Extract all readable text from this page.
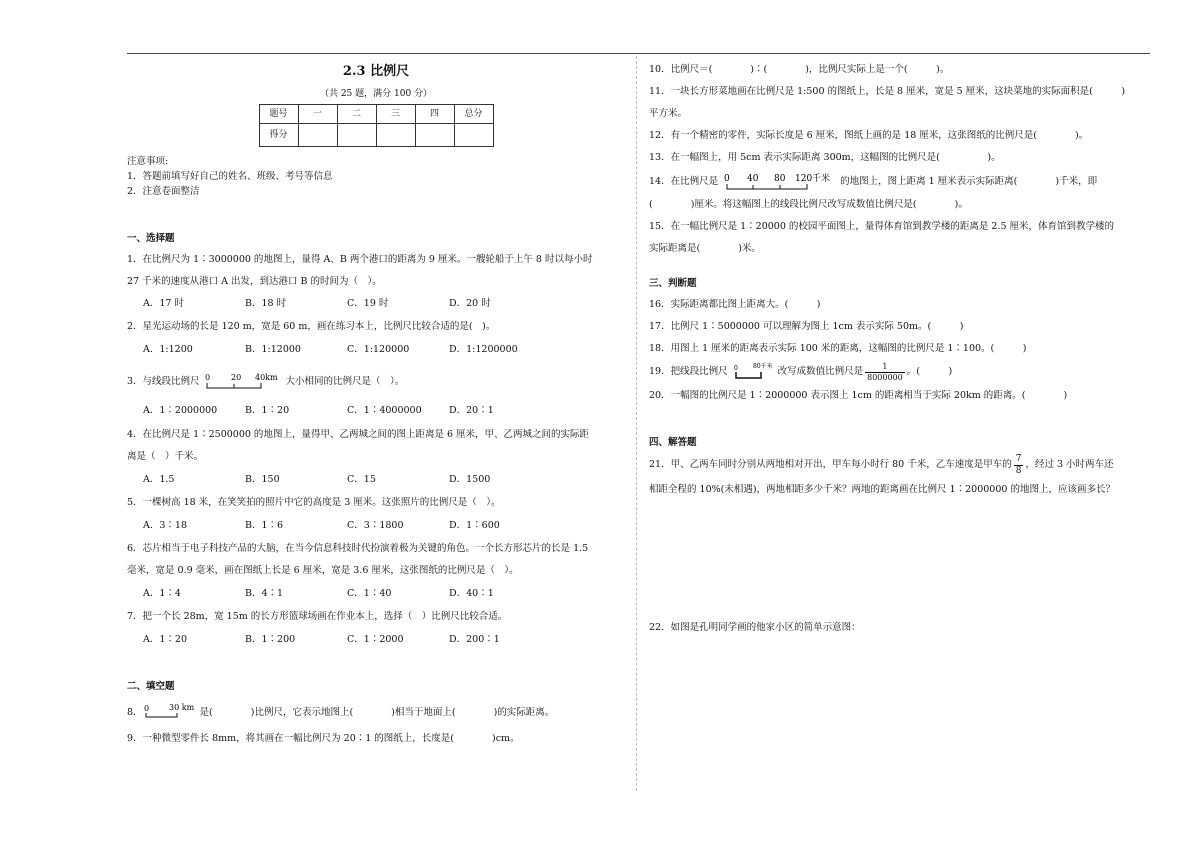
2.3 比例尺
（共 25 题，满分 100 分）
题号	一	二	三	四	总分
得分					
注意事项:
1．答题前填写好自己的姓名、班级、考号等信息
2．注意卷面整洁
一、选择题
1．在比例尺为 1∶3000000 的地图上，量得 A、B 两个港口的距离为 9 厘米。一艘轮船于上午 8 时以每小时
27 千米的速度从港口 A 出发，到达港口 B 的时间为（　）。
A．17 时	B．18 时	C．19 时	D．20 时
2．星光运动场的长是 120 m，宽是 60 m，画在练习本上，比例尺比较合适的是(　)。
A．1:1200	B．1:12000	C．1:120000	D．1:1200000
3．与线段比例尺 0	20 40km 大小相同的比例尺是（　）。
A．1∶2000000	B．1∶20	C．1∶4000000	D．20∶1
4．在比例尺是 1∶2500000 的地图上，量得甲、乙两城之间的图上距离是 6 厘米，甲、乙两城之间的实际距
离是（　）千米。
A．1.5	B．150	C．15	D．1500
5．一棵树高 18 米，在笑笑拍的照片中它的高度是 3 厘米。这张照片的比例尺是（　）。
A．3∶18	B．1∶6	C．3∶1800	D．1∶600
6．芯片相当于电子科技产品的大脑，在当今信息科技时代扮演着极为关键的角色。一个长方形芯片的长是 1.5
毫米，宽是 0.9 毫米，画在图纸上长是 6 厘米，宽是 3.6 厘米，这张图纸的比例尺是（　）。
A．1∶4	B．4∶1	C．1∶40	D．40∶1
7．把一个长 28m，宽 15m 的长方形篮球场画在作业本上，选择（　）比例尺比较合适。
A．1∶20	B．1∶200	C．1∶2000	D．200∶1
二、填空题
8． 0 30 km 是(　　　　)比例尺，它表示地图上(　　　　)相当于地面上(　　　　)的实际距离。
9．一种微型零件长 8mm，将其画在一幅比例尺为 20∶1 的图纸上，长度是(　　　　)cm。
10．比例尺＝(　　　　)∶(　　　　)，比例尺实际上是一个(　　　)。
11．一块长方形菜地画在比例尺是 1:500 的图纸上，长是 8 厘米，宽是 5 厘米，这块菜地的实际面积是(　　　)
平方米。
12．有一个精密的零件，实际长度是 6 厘米，图纸上画的是 18 厘米，这张图纸的比例尺是(　　　　)。
13．在一幅图上，用 5cm 表示实际距离 300m，这幅图的比例尺是(　　　　　)。
14．在比例尺是 0 40 80 120千米 的地图上，图上距离 1 厘米表示实际距离(　　　　)千米，即
(　　　　)厘米。将这幅图上的线段比例尺改写成数值比例尺是(　　　　)。
15．在一幅比例尺是 1∶20000 的校园平面图上，量得体育馆到教学楼的距离是 2.5 厘米，体育馆到教学楼的
实际距离是(　　　　)米。
三、判断题
16．实际距离都比图上距离大。(　　　)
17．比例尺 1∶5000000 可以理解为图上 1cm 表示实际 50m。(　　　)
18．用图上 1 厘米的距离表示实际 100 米的距离，这幅图的比例尺是 1∶100。(　　　)
19．把线段比例尺 0	80千米 改写成数值比例尺是 $\frac{1}{8000000}$ 。(　　　)
20．一幅图的比例尺是 1∶2000000 表示图上 1cm 的距离相当于实际 20km 的距离。(　　　　)
四、解答题
21．甲、乙两车同时分别从两地相对开出，甲车每小时行 80 千米，乙车速度是甲车的 $\frac{7}{8}$ ，经过 3 小时两车还
相距全程的 10%(未相遇)，两地相距多少千米？两地的距离画在比例尺 1∶2000000 的地图上，应该画多长？
22．如图是孔明同学画的他家小区的简单示意图：
